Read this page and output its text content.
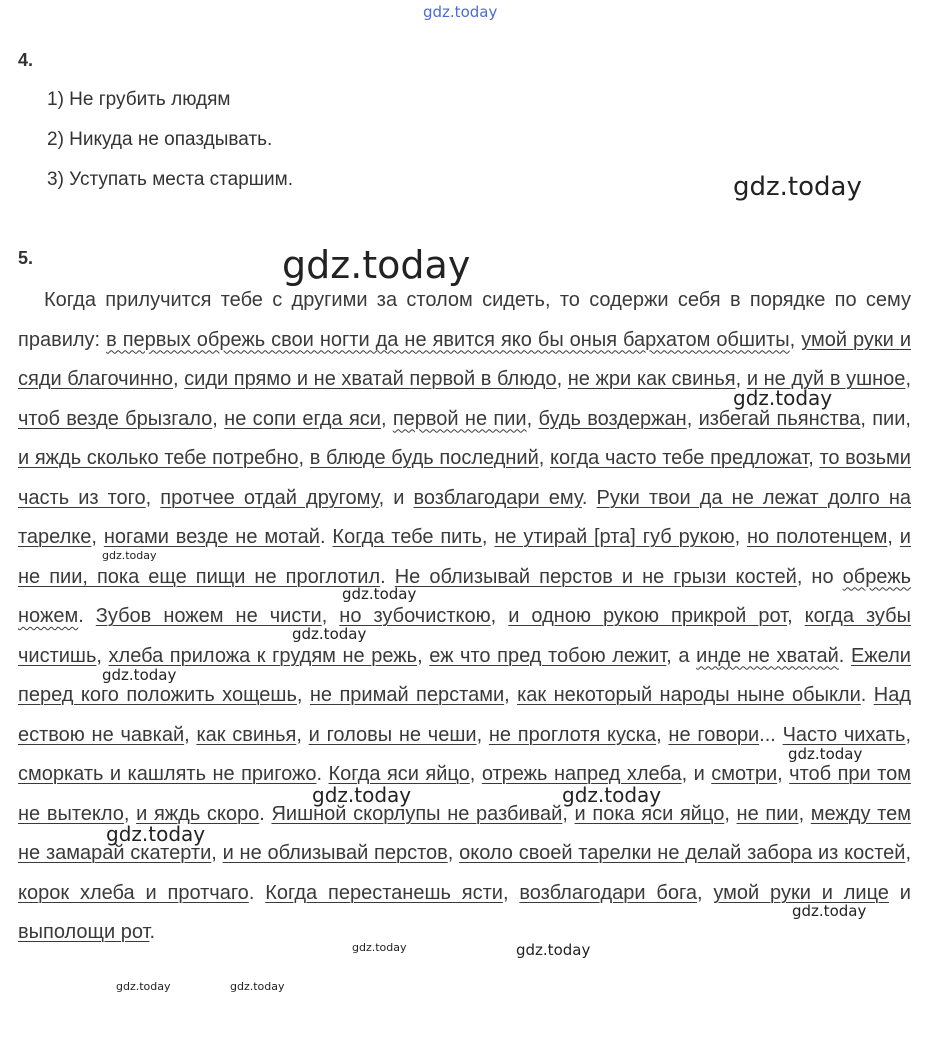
gdz.today
gdz.today
gdz.today
4.
1) Не грубить людям
2) Никуда не опаздывать.
3) Уступать места старшим.
5.
Когда прилучится тебе с другими за столом сидеть, то содержи себя в порядке по сему правилу: в первых обрежь свои ногти да не явится яко бы оныя бархатом обшиты, умой руки и сяди благочинно, сиди прямо и не хватай первой в блюдо, не жри как свинья, и не дуй в ушное, чтоб везде брызгало, не сопи егда яси, первой не пии, будь воздержан, избегай пьянства, пии, и яждь сколько тебе потребно, в блюде будь последний, когда часто тебе предложат, то возьми часть из того, протчее отдай другому, и возблагодари ему. Руки твои да не лежат долго на тарелке, ногами везде не мотай. Когда тебе пить, не утирай [рта] губ рукою, но полотенцем, и не пии, пока еще пищи не проглотил. Не облизывай перстов и не грызи костей, но обрежь ножем. Зубов ножем не чисти, но зубочисткою, и одною рукою прикрой рот, когда зубы чистишь, хлеба приложа к грудям не режь, еж что пред тобою лежит, а инде не хватай. Ежели перед кого положить хощешь, не примай перстами, как некоторый народы ныне обыкли. Над ествою не чавкай, как свинья, и головы не чеши, не проглотя куска, не говори... Часто чихать, сморкать и кашлять не пригожо. Когда яси яйцо, отрежь напред хлеба, и смотри, чтоб при том не вытекло, и яждь скоро. Яишной скорлупы не разбивай, и пока яси яйцо, не пии, между тем не замарай скатерти, и не облизывай перстов, около своей тарелки не делай забора из костей, корок хлеба и протчаго. Когда перестанешь ясти, возблагодари бога, умой руки и лице и выполощи рот.
gdz.today
gdz.today
gdz.today
gdz.today
gdz.today
gdz.today
gdz.today	gdz.today
gdz.today
gdz.today
gdz.today	gdz.today
gdz.today	gdz.today
